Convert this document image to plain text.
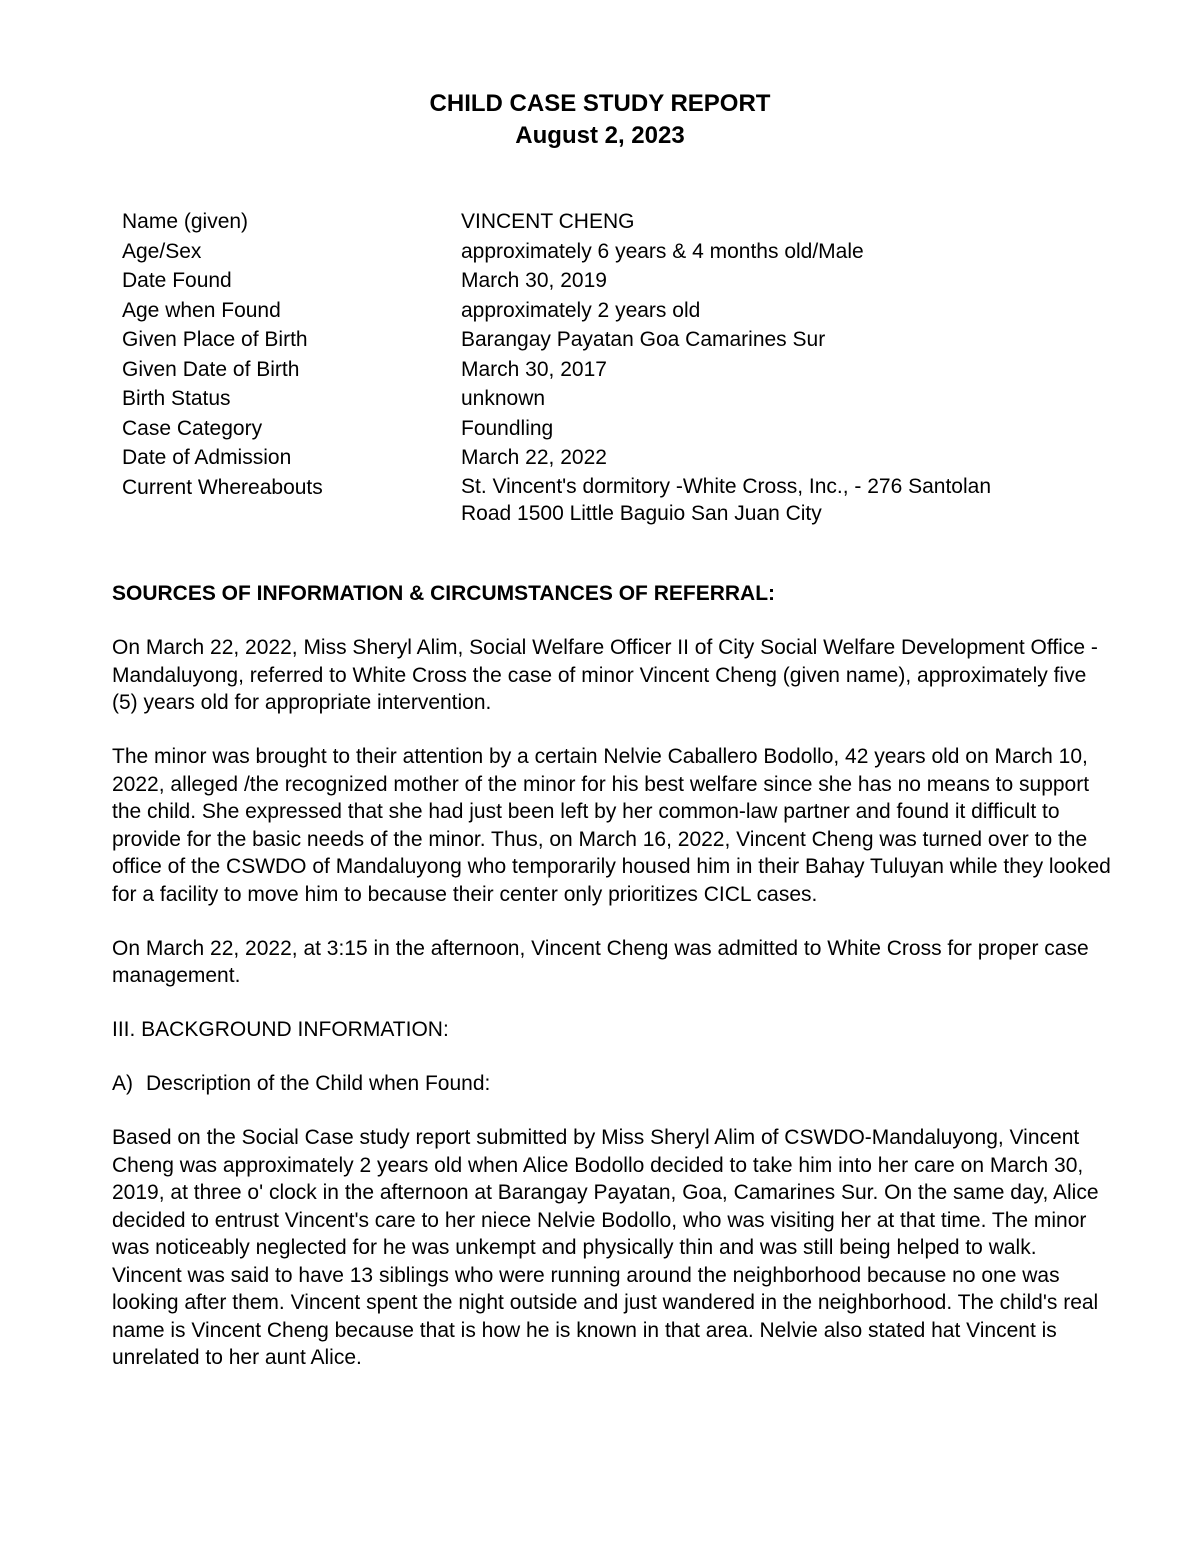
CHILD CASE STUDY REPORT
August 2, 2023
Name (given)	VINCENT CHENG
Age/Sex	approximately 6 years & 4 months old/Male
Date Found	March 30, 2019
Age when Found	approximately 2 years old
Given Place of Birth	Barangay Payatan Goa Camarines Sur
Given Date of Birth	March 30, 2017
Birth Status	unknown
Case Category	Foundling
Date of Admission	March 22, 2022
Current Whereabouts	St. Vincent's dormitory -White Cross, Inc., - 276 Santolan Road 1500 Little Baguio San Juan City

SOURCES OF INFORMATION & CIRCUMSTANCES OF REFERRAL:

On March 22, 2022, Miss Sheryl Alim, Social Welfare Officer II of City Social Welfare Development Office - Mandaluyong, referred to White Cross the case of minor Vincent Cheng (given name), approximately five (5) years old for appropriate intervention.

The minor was brought to their attention by a certain Nelvie Caballero Bodollo, 42 years old on March 10, 2022, alleged /the recognized mother of the minor for his best welfare since she has no means to support the child. She expressed that she had just been left by her common-law partner and found it difficult to provide for the basic needs of the minor. Thus, on March 16, 2022, Vincent Cheng was turned over to the office of the CSWDO of Mandaluyong who temporarily housed him in their Bahay Tuluyan while they looked for a facility to move him to because their center only prioritizes CICL cases.

On March 22, 2022, at 3:15 in the afternoon, Vincent Cheng was admitted to White Cross for proper case management.

III. BACKGROUND INFORMATION:

A) Description of the Child when Found:

Based on the Social Case study report submitted by Miss Sheryl Alim of CSWDO-Mandaluyong, Vincent Cheng was approximately 2 years old when Alice Bodollo decided to take him into her care on March 30, 2019, at three o' clock in the afternoon at Barangay Payatan, Goa, Camarines Sur. On the same day, Alice decided to entrust Vincent's care to her niece Nelvie Bodollo, who was visiting her at that time. The minor was noticeably neglected for he was unkempt and physically thin and was still being helped to walk. Vincent was said to have 13 siblings who were running around the neighborhood because no one was looking after them. Vincent spent the night outside and just wandered in the neighborhood. The child's real name is Vincent Cheng because that is how he is known in that area. Nelvie also stated hat Vincent is unrelated to her aunt Alice.
